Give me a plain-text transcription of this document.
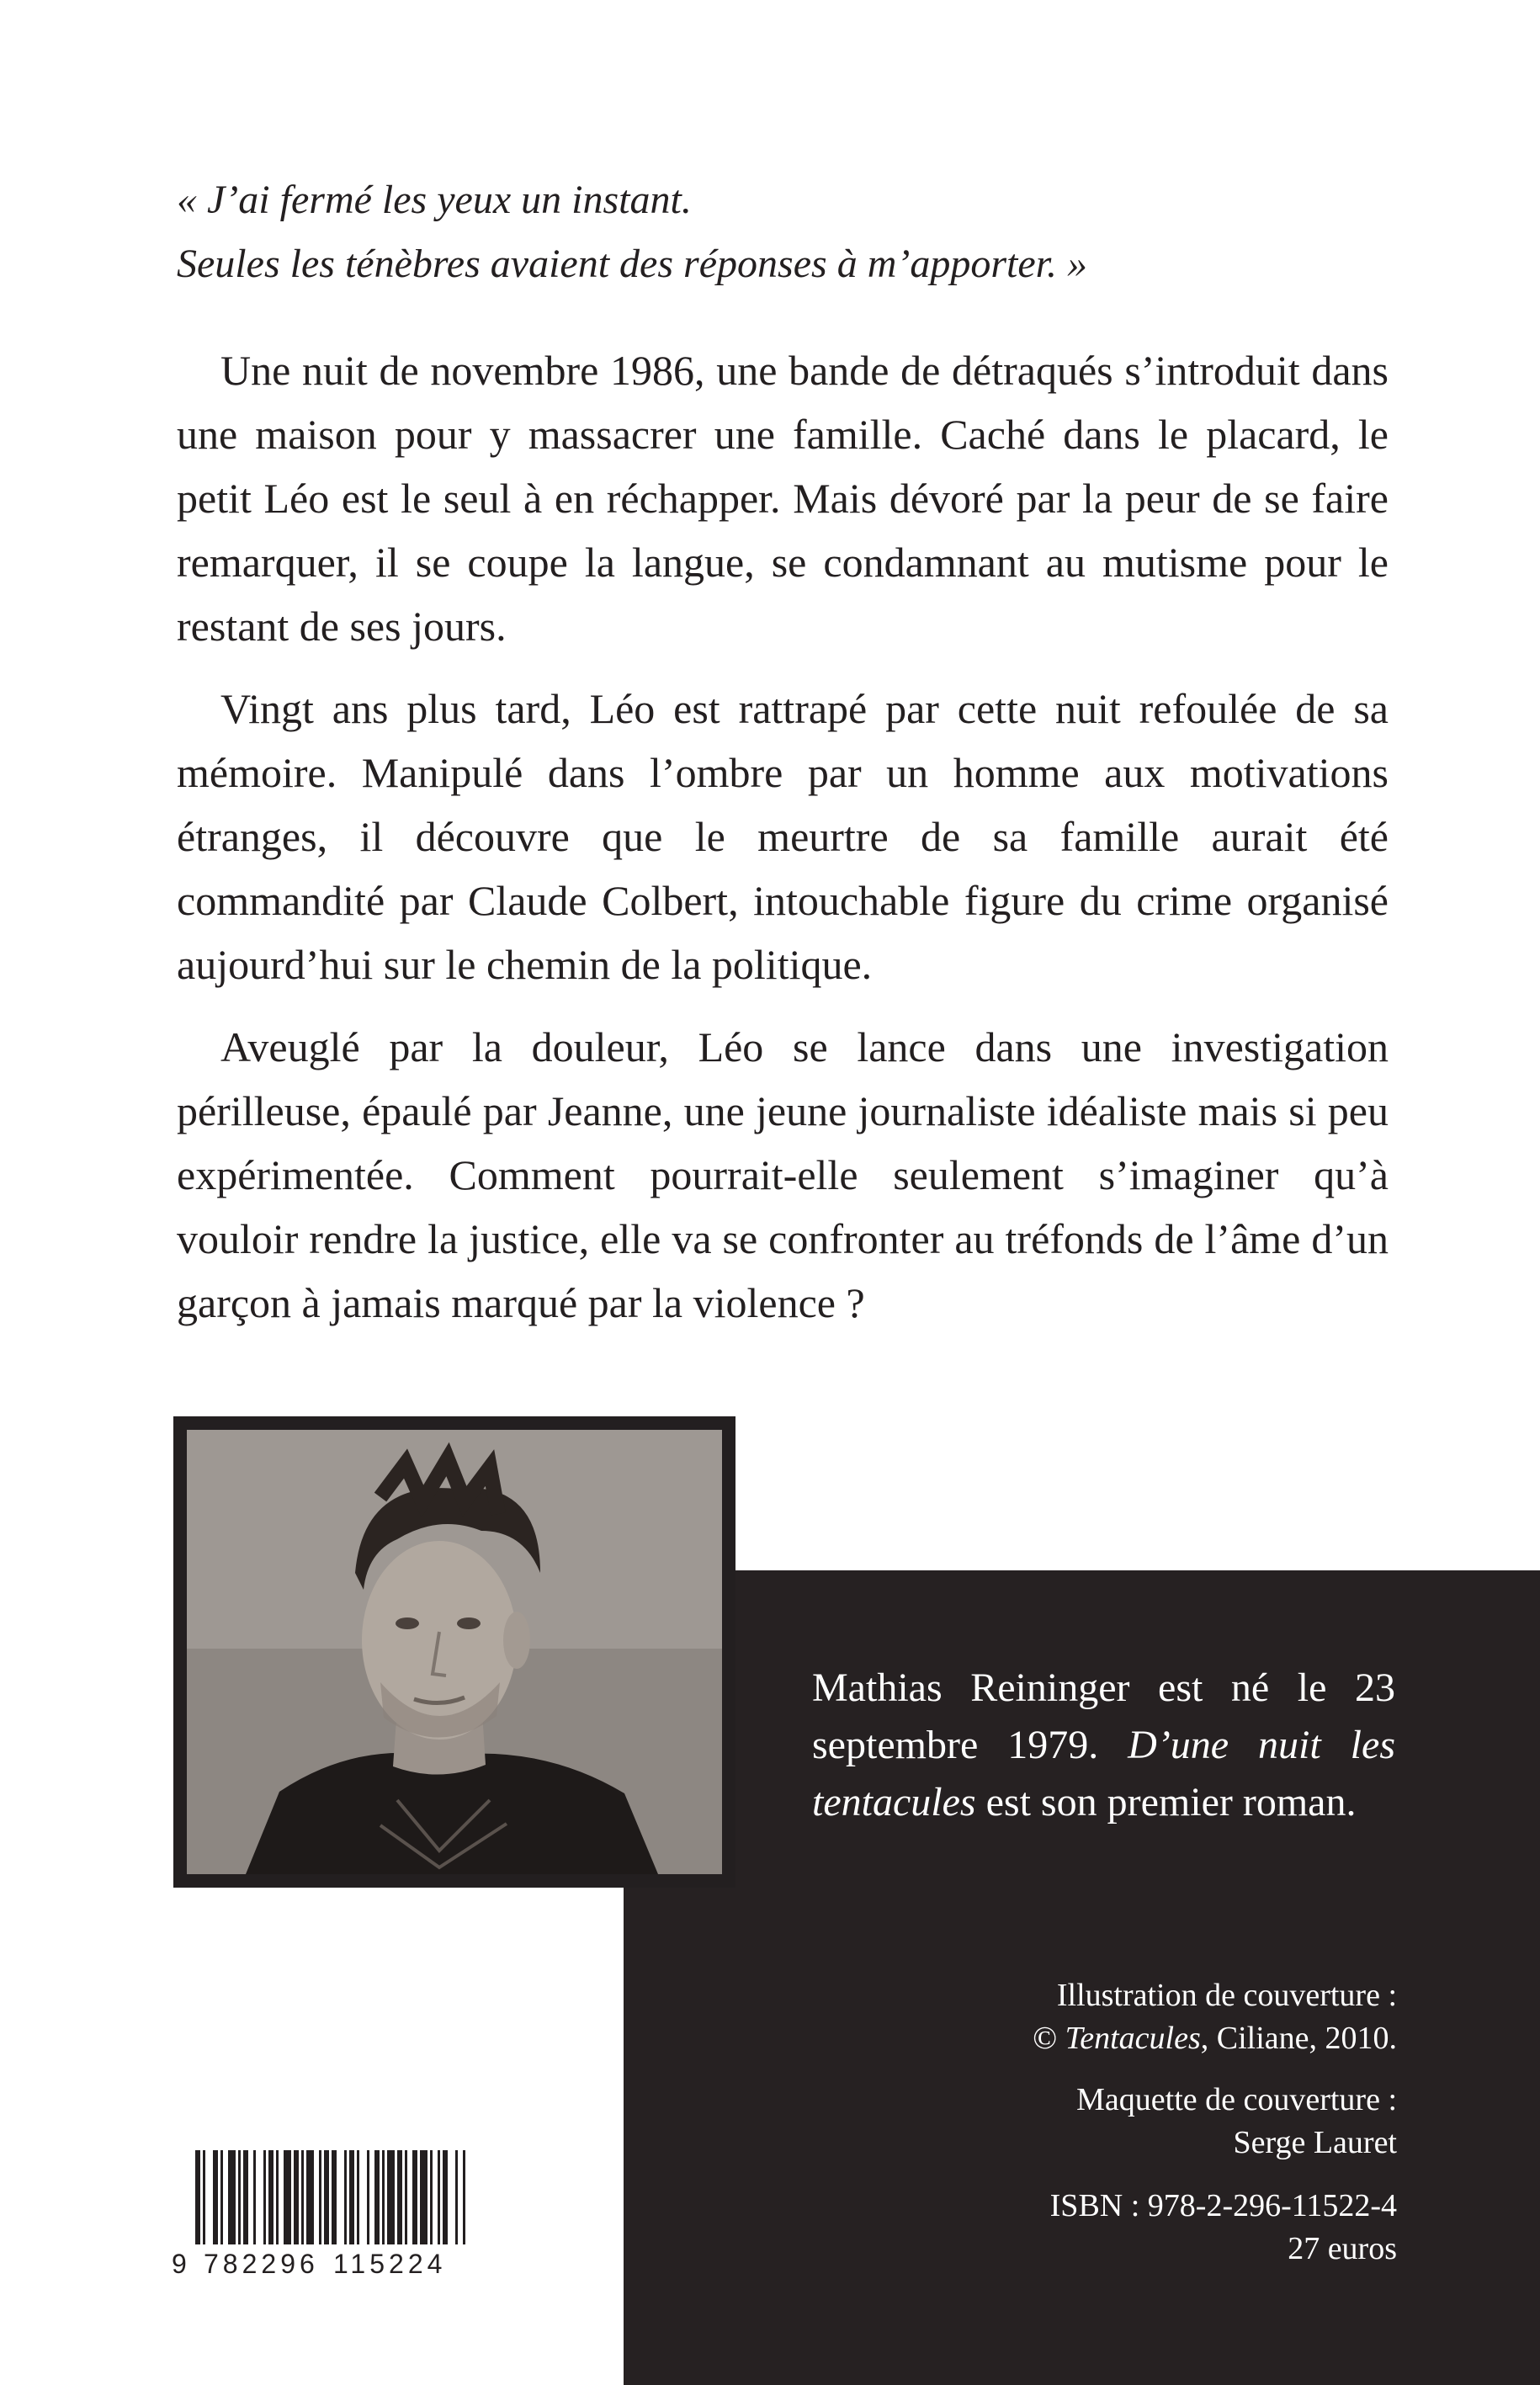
« J’ai fermé les yeux un instant.
Seules les ténèbres avaient des réponses à m’apporter. »

Une nuit de novembre 1986, une bande de détraqués s’introduit dans une maison pour y massacrer une famille. Caché dans le placard, le petit Léo est le seul à en réchapper. Mais dévoré par la peur de se faire remarquer, il se coupe la langue, se condamnant au mutisme pour le restant de ses jours.

Vingt ans plus tard, Léo est rattrapé par cette nuit refoulée de sa mémoire. Manipulé dans l’ombre par un homme aux motivations étranges, il découvre que le meurtre de sa famille aurait été commandité par Claude Colbert, intouchable figure du crime organisé aujourd’hui sur le chemin de la politique.

Aveuglé par la douleur, Léo se lance dans une investigation périlleuse, épaulé par Jeanne, une jeune journaliste idéaliste mais si peu expérimentée. Comment pourrait-elle seulement s’imaginer qu’à vouloir rendre la justice, elle va se confronter au tréfonds de l’âme d’un garçon à jamais marqué par la violence ?

Mathias Reininger est né le 23 septembre 1979. D’une nuit les tentacules est son premier roman.
Illustration de couverture :
© Tentacules, Ciliane, 2010.
Maquette de couverture :
Serge Lauret
ISBN : 978-2-296-11522-4
27 euros
9 782296 115224
